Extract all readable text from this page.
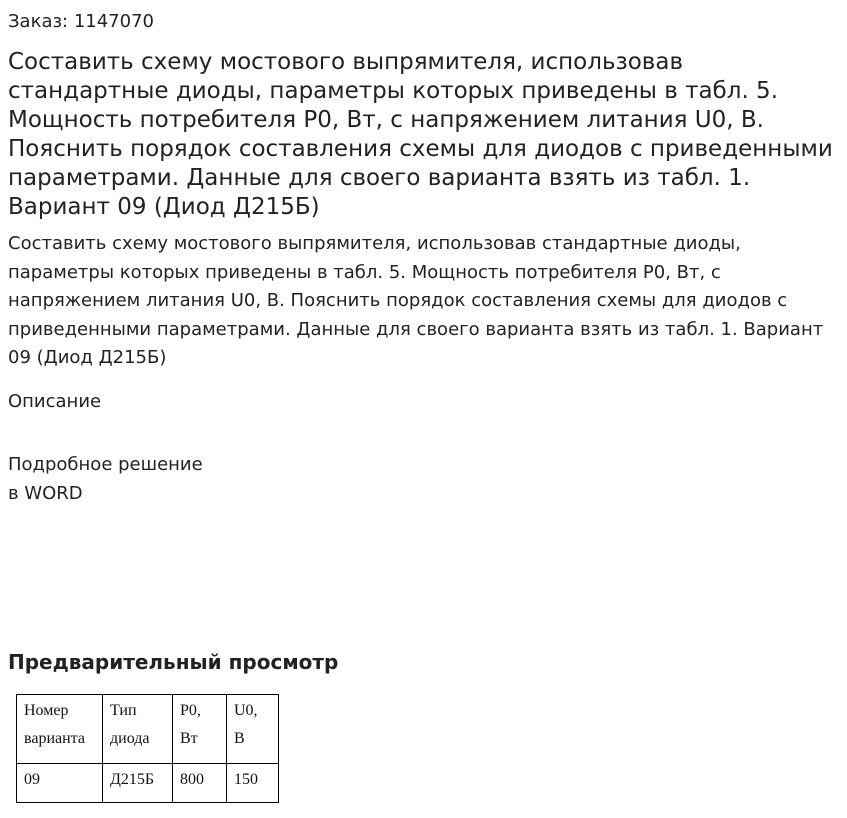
Заказ: 1147070
Составить схему мостового выпрямителя, использовав стандартные диоды, параметры которых приведены в табл. 5. Мощность потребителя P0, Вт, с напряжением литания U0, В. Пояснить порядок составления схемы для диодов с приведенными параметрами. Данные для своего варианта взять из табл. 1. Вариант 09 (Диод Д215Б)

Составить схему мостового выпрямителя, использовав стандартные диоды, параметры которых приведены в табл. 5. Мощность потребителя P0, Вт, с напряжением литания U0, В. Пояснить порядок составления схемы для диодов с приведенными параметрами. Данные для своего варианта взять из табл. 1. Вариант 09 (Диод Д215Б)

Описание
Подробное решение
в WORD
Предварительный просмотр
Номер варианта	Тип диода	P0, Вт	U0, В
09	Д215Б	800	150
